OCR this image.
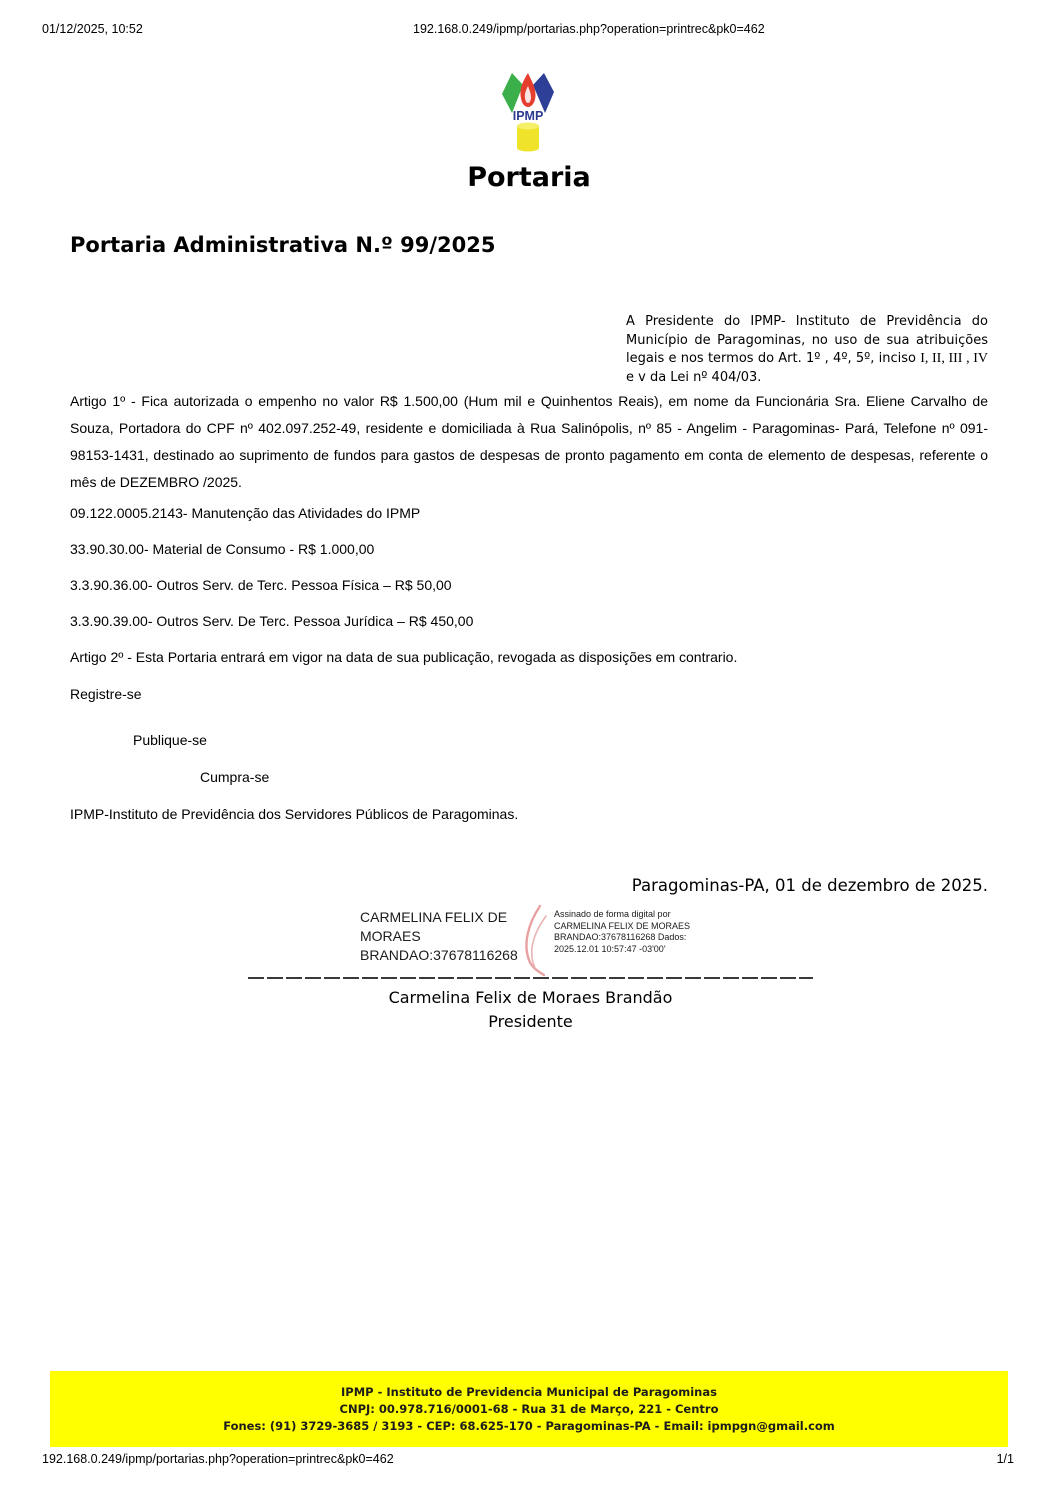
01/12/2025, 10:52	192.168.0.249/ipmp/portarias.php?operation=printrec&pk0=462
IPMP
Portaria
Portaria Administrativa N.º 99/2025

A Presidente do IPMP- Instituto de Previdência do Município de Paragominas, no uso de sua atribuições legais e nos termos do Art. 1º , 4º, 5º, inciso I, II, III , IV e v da Lei nº 404/03.

Artigo 1º - Fica autorizada o empenho no valor R$ 1.500,00 (Hum mil e Quinhentos Reais), em nome da Funcionária Sra. Eliene Carvalho de Souza, Portadora do CPF nº 402.097.252-49, residente e domiciliada à Rua Salinópolis, nº 85 - Angelim - Paragominas- Pará, Telefone nº 091-98153-1431, destinado ao suprimento de fundos para gastos de despesas de pronto pagamento em conta de elemento de despesas, referente o mês de DEZEMBRO /2025.

09.122.0005.2143- Manutenção das Atividades do IPMP

33.90.30.00- Material de Consumo - R$ 1.000,00

3.3.90.36.00- Outros Serv. de Terc. Pessoa Física – R$ 50,00

3.3.90.39.00- Outros Serv. De Terc. Pessoa Jurídica – R$ 450,00

Artigo 2º - Esta Portaria entrará em vigor na data de sua publicação, revogada as disposições em contrario.

Registre-se

Publique-se

Cumpra-se

IPMP-Instituto de Previdência dos Servidores Públicos de Paragominas.

Paragominas-PA, 01 de dezembro de 2025.
CARMELINA FELIX DE MORAES BRANDAO:37678116268
Assinado de forma digital por CARMELINA FELIX DE MORAES BRANDAO:37678116268 Dados: 2025.12.01 10:57:47 -03'00'
Carmelina Felix de Moraes Brandão
Presidente
IPMP - Instituto de Previdencia Municipal de Paragominas
CNPJ: 00.978.716/0001-68 - Rua 31 de Março, 221 - Centro
Fones: (91) 3729-3685 / 3193 - CEP: 68.625-170 - Paragominas-PA - Email: ipmpgn@gmail.com
192.168.0.249/ipmp/portarias.php?operation=printrec&pk0=462	1/1
